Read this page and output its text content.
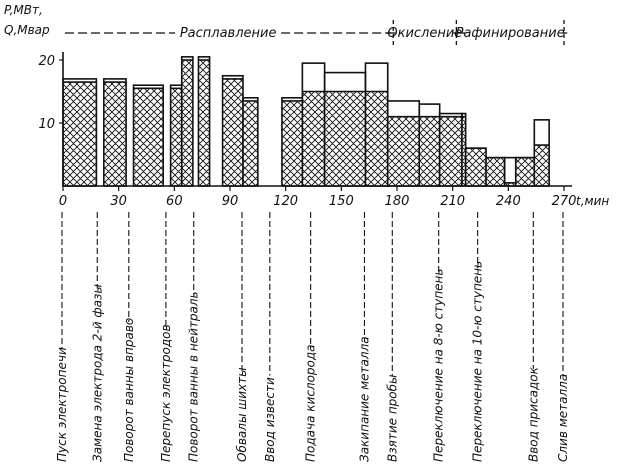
P,МВт,
Q,Мвар	Расплавление	Окисление
Рафинирование
0	30	60	90	120 150 180 210 240 270
10
20
t,мин
Пуск электропечи Замена электрода 2-й фазы Поворот ванны вправо Перепуск электродов Поворот ванны в нейтраль	Обвалы шихты Ввод извести Подача кислорода	Закипание металла Взятие пробы	Переключение на 8-ю ступень Переключение на 10-ю ступень	Ввод присадок Слив металла
